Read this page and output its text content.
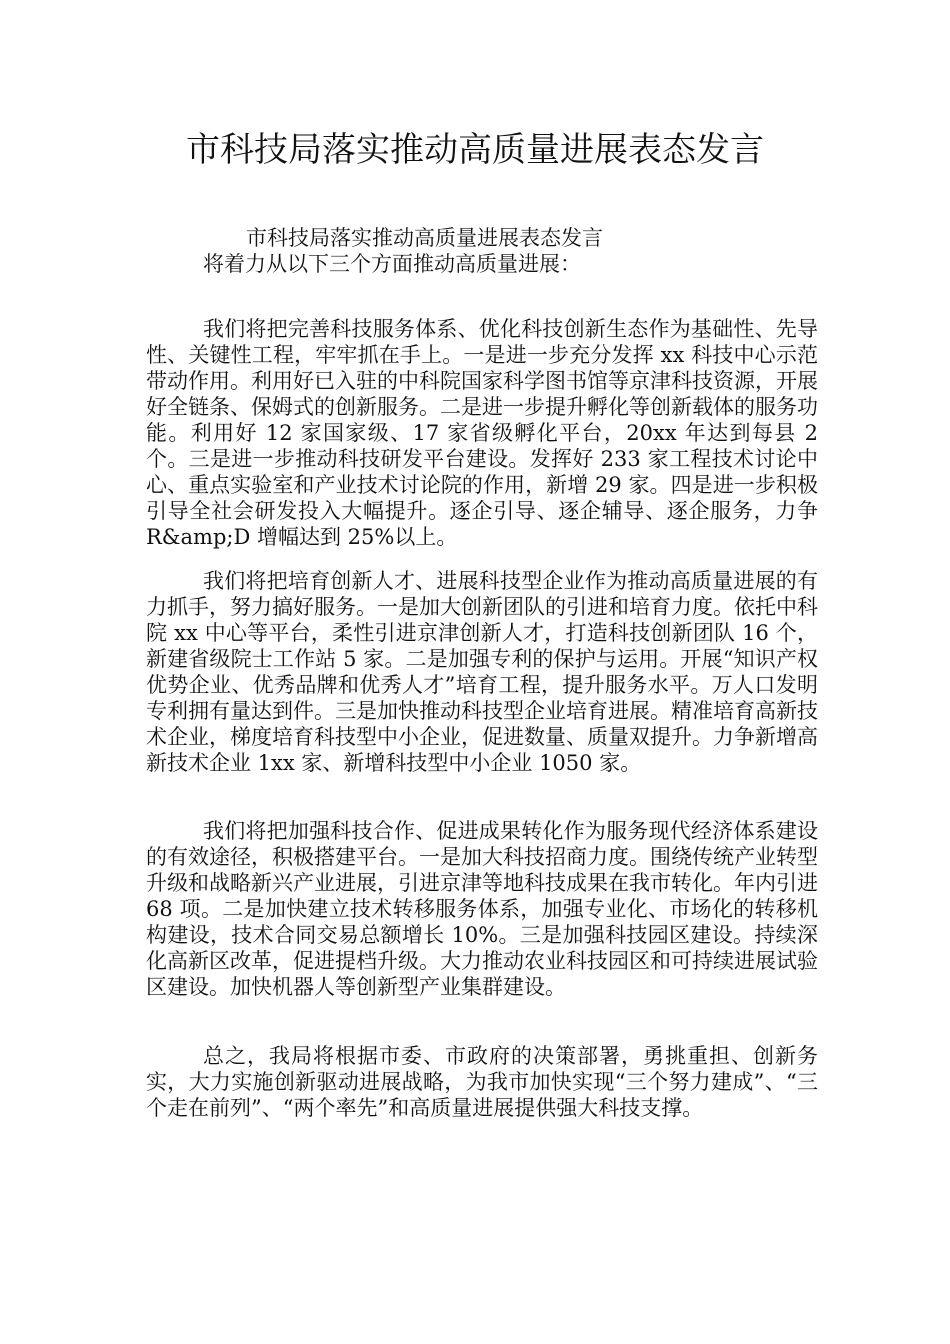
市科技局落实推动高质量进展表态发言
市科技局落实推动高质量进展表态发言
将着力从以下三个方面推动高质量进展：

我们将把完善科技服务体系、优化科技创新生态作为基础性、先导性、关键性工程，牢牢抓在手上。一是进一步充分发挥 xx 科技中心示范带动作用。利用好已入驻的中科院国家科学图书馆等京津科技资源，开展好全链条、保姆式的创新服务。二是进一步提升孵化等创新载体的服务功能。利用好 12 家国家级、17 家省级孵化平台，20xx 年达到每县 2 个。三是进一步推动科技研发平台建设。发挥好 233 家工程技术讨论中心、重点实验室和产业技术讨论院的作用，新增 29 家。四是进一步积极引导全社会研发投入大幅提升。逐企引导、逐企辅导、逐企服务，力争 R&amp;D 增幅达到 25%以上。

我们将把培育创新人才、进展科技型企业作为推动高质量进展的有力抓手，努力搞好服务。一是加大创新团队的引进和培育力度。依托中科院 xx 中心等平台，柔性引进京津创新人才，打造科技创新团队 16 个，新建省级院士工作站 5 家。二是加强专利的保护与运用。开展“知识产权优势企业、优秀品牌和优秀人才”培育工程，提升服务水平。万人口发明专利拥有量达到件。三是加快推动科技型企业培育进展。精准培育高新技术企业，梯度培育科技型中小企业，促进数量、质量双提升。力争新增高新技术企业 1xx 家、新增科技型中小企业 1050 家。

我们将把加强科技合作、促进成果转化作为服务现代经济体系建设的有效途径，积极搭建平台。一是加大科技招商力度。围绕传统产业转型升级和战略新兴产业进展，引进京津等地科技成果在我市转化。年内引进 68 项。二是加快建立技术转移服务体系，加强专业化、市场化的转移机构建设，技术合同交易总额增长 10%。三是加强科技园区建设。持续深化高新区改革，促进提档升级。大力推动农业科技园区和可持续进展试验区建设。加快机器人等创新型产业集群建设。

总之，我局将根据市委、市政府的决策部署，勇挑重担、创新务实，大力实施创新驱动进展战略，为我市加快实现“三个努力建成”、“三个走在前列”、“两个率先”和高质量进展提供强大科技支撑。
